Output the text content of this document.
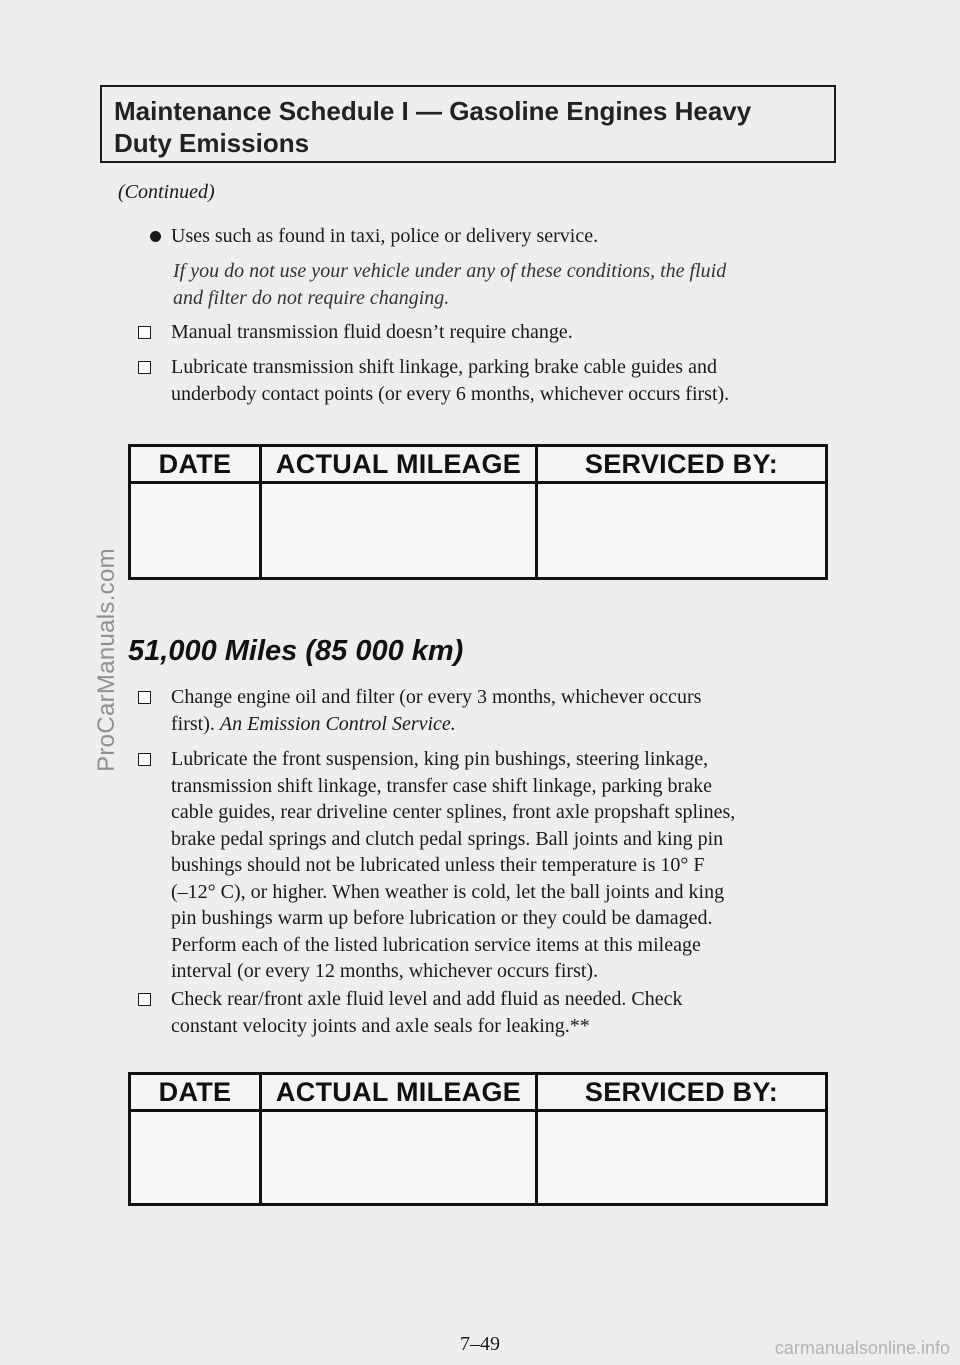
Maintenance Schedule I — Gasoline Engines Heavy
Duty Emissions
(Continued)
Uses such as found in taxi, police or delivery service.
If you do not use your vehicle under any of these conditions, the fluid
and filter do not require changing.
Manual transmission fluid doesn’t require change.
Lubricate transmission shift linkage, parking brake cable guides and
underbody contact points (or every 6 months, whichever occurs first).
DATE	ACTUAL MILEAGE	SERVICED BY:
51,000 Miles (85 000 km)
Change engine oil and filter (or every 3 months, whichever occurs
first). An Emission Control Service.
Lubricate the front suspension, king pin bushings, steering linkage,
transmission shift linkage, transfer case shift linkage, parking brake
cable guides, rear driveline center splines, front axle propshaft splines,
brake pedal springs and clutch pedal springs. Ball joints and king pin
bushings should not be lubricated unless their temperature is 10° F
(–12° C), or higher. When weather is cold, let the ball joints and king
pin bushings warm up before lubrication or they could be damaged.
Perform each of the listed lubrication service items at this mileage
interval (or every 12 months, whichever occurs first).
Check rear/front axle fluid level and add fluid as needed. Check
constant velocity joints and axle seals for leaking.**
DATE	ACTUAL MILEAGE	SERVICED BY:
7–49
ProCarManuals.com
carmanualsonline.info
